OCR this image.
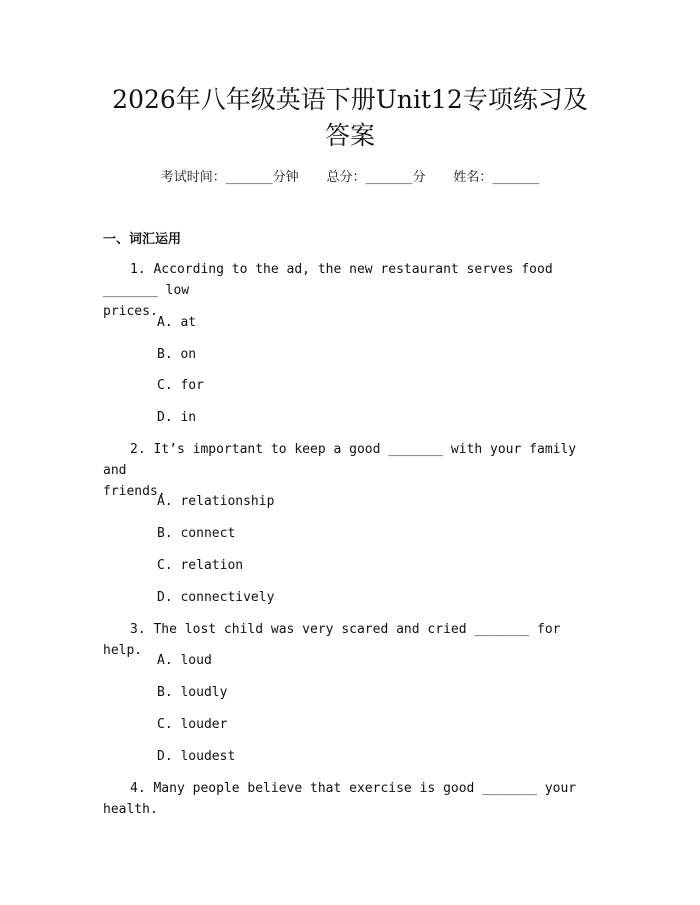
2026年八年级英语下册Unit12专项练习及
答案
考试时间：______分钟 总分：______分 姓名：______
一、词汇运用
1. According to the ad, the new restaurant serves food _______ low
prices.
A. at
B. on
C. for
D. in
2. It’s important to keep a good _______ with your family and
friends.
A. relationship
B. connect
C. relation
D. connectively
3. The lost child was very scared and cried _______ for help.
A. loud
B. loudly
C. louder
D. loudest
4. Many people believe that exercise is good _______ your health.
